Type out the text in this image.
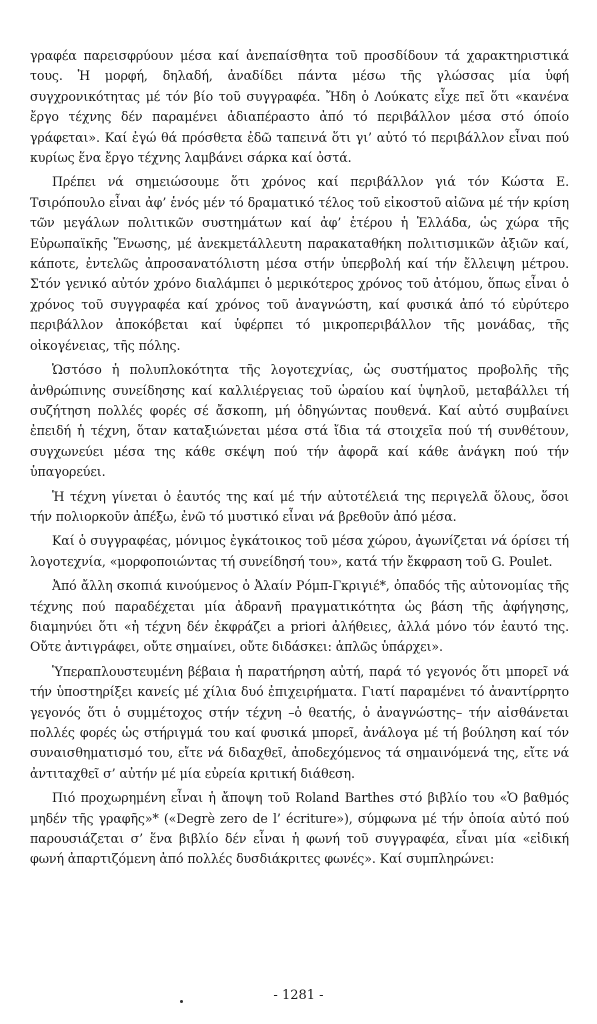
γραφέα παρεισφρύουν μέσα καί ἀνεπαίσθητα τοῦ προσδίδουν τά χαρακτηριστικά τους. Ἡ μορφή, δηλαδή, ἀναδίδει πάντα μέσω τῆς γλώσσας μία ὑφή συγχρονικότητας μέ τόν βίο τοῦ συγγραφέα. Ἤδη ὁ Λούκατς εἶχε πεῖ ὅτι «κανένα ἔργο τέχνης δέν παραμένει ἀδιαπέραστο ἀπό τό περιβάλλον μέσα στό όποίο γράφεται». Καί ἐγώ θά πρόσθετα ἐδῶ ταπεινά ὅτι γι’ αὐτό τό περιβάλλον εἶναι πού κυρίως ἕνα ἔργο τέχνης λαμβάνει σάρκα καί ὀστά.

Πρέπει νά σημειώσουμε ὅτι χρόνος καί περιβάλλον γιά τόν Κώστα Ε. Τσιρόπουλο εἶναι ἀφ’ ἑνός μέν τό δραματικό τέλος τοῦ εἰκοστοῦ αἰῶνα μέ τήν κρίση τῶν μεγάλων πολιτικῶν συστημάτων καί ἀφ’ ἑτέρου ἡ Ἑλλάδα, ὡς χώρα τῆς Εὐρωπαϊκῆς Ἕνωσης, μέ ἀνεκμετάλλευτη παρακαταθήκη πολιτισμικῶν ἀξιῶν καί, κάποτε, ἐντελῶς ἀπροσανατόλιστη μέσα στήν ὑπερβολή καί τήν ἔλλειψη μέτρου. Στόν γενικό αὐτόν χρόνο διαλάμπει ὁ μερικότερος χρόνος τοῦ ἀτόμου, ὅπως εἶναι ὁ χρόνος τοῦ συγγραφέα καί χρόνος τοῦ ἀναγνώστη, καί φυσικά ἀπό τό εὐρύτερο περιβάλλον ἀποκόβεται καί ὑφέρπει τό μικροπεριβάλλον τῆς μονάδας, τῆς οἰκογένειας, τῆς πόλης.

Ὡστόσο ἡ πολυπλοκότητα τῆς λογοτεχνίας, ὡς συστήματος προβολῆς τῆς ἀνθρώπινης συνείδησης καί καλλιέργειας τοῦ ὡραίου καί ὑψηλοῦ, μεταβάλλει τή συζήτηση πολλές φορές σέ ἄσκοπη, μή ὁδηγώντας πουθενά. Καί αὐτό συμβαίνει ἐπειδή ἡ τέχνη, ὅταν καταξιώνεται μέσα στά ἴδια τά στοιχεῖα πού τή συνθέτουν, συγχωνεύει μέσα της κάθε σκέψη πού τήν ἀφορᾶ καί κάθε ἀνάγκη πού τήν ὑπαγορεύει.

Ἡ τέχνη γίνεται ὁ ἑαυτός της καί μέ τήν αὐτοτέλειά της περιγελᾶ ὅλους, ὅσοι τήν πολιορκοῦν ἀπέξω, ἐνῶ τό μυστικό εἶναι νά βρεθοῦν ἀπό μέσα.

Καί ὁ συγγραφέας, μόνιμος ἐγκάτοικος τοῦ μέσα χώρου, ἀγωνίζεται νά όρίσει τή λογοτεχνία, «μορφοποιώντας τή συνείδησή του», κατά τήν ἔκφραση τοῦ G. Poulet.

Ἀπό ἄλλη σκοπιά κινούμενος ὁ Ἀλαίν Ρόμπ-Γκριγιέ*, ὀπαδός τῆς αὐτονομίας τῆς τέχνης πού παραδέχεται μία ἀδρανῆ πραγματικότητα ὡς βάση τῆς ἀφήγησης, διαμηνύει ὅτι «ἡ τέχνη δέν ἐκφράζει a priori ἀλήθειες, ἀλλά μόνο τόν ἑαυτό της. Οὔτε ἀντιγράφει, οὔτε σημαίνει, οὔτε διδάσκει: ἁπλῶς ὑπάρχει».

Ὑπεραπλουστευμένη βέβαια ἡ παρατήρηση αὐτή, παρά τό γεγονός ὅτι μπορεῖ νά τήν ὑποστηρίξει κανείς μέ χίλια δυό ἐπιχειρήματα. Γιατί παραμένει τό ἀναντίρρητο γεγονός ὅτι ὁ συμμέτοχος στήν τέχνη –ὁ θεατής, ὁ ἀναγνώστης– τήν αἰσθάνεται πολλές φορές ὡς στήριγμά του καί φυσικά μπορεῖ, ἀνάλογα μέ τή βούληση καί τόν συναισθηματισμό του, εἴτε νά διδαχθεῖ, ἀποδεχόμενος τά σημαινόμενά της, εἴτε νά ἀντιταχθεῖ σ’ αὐτήν μέ μία εὐρεία κριτική διάθεση.

Πιό προχωρημένη εἶναι ἡ ἄποψη τοῦ Roland Barthes στό βιβλίο του «Ὁ βαθμός μηδέν τῆς γραφῆς»* («Degrè zero de l’ écriture»), σύμφωνα μέ τήν ὁποία αὐτό πού παρουσιάζεται σ’ ἕνα βιβλίο δέν εἶναι ἡ φωνή τοῦ συγγραφέα, εἶναι μία «εἰδική φωνή ἀπαρτιζόμενη ἀπό πολλές δυσδιάκριτες φωνές». Καί συμπληρώνει:

- 1281 -
